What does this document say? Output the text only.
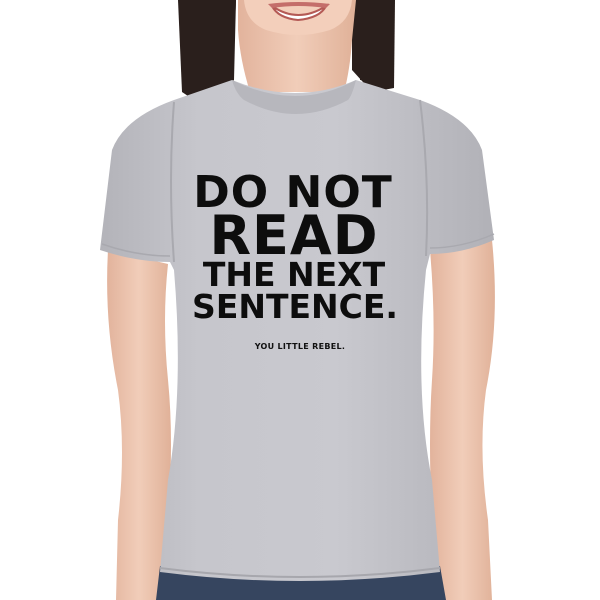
DO NOT
READ
THE NEXT
SENTENCE.
YOU LITTLE REBEL.
